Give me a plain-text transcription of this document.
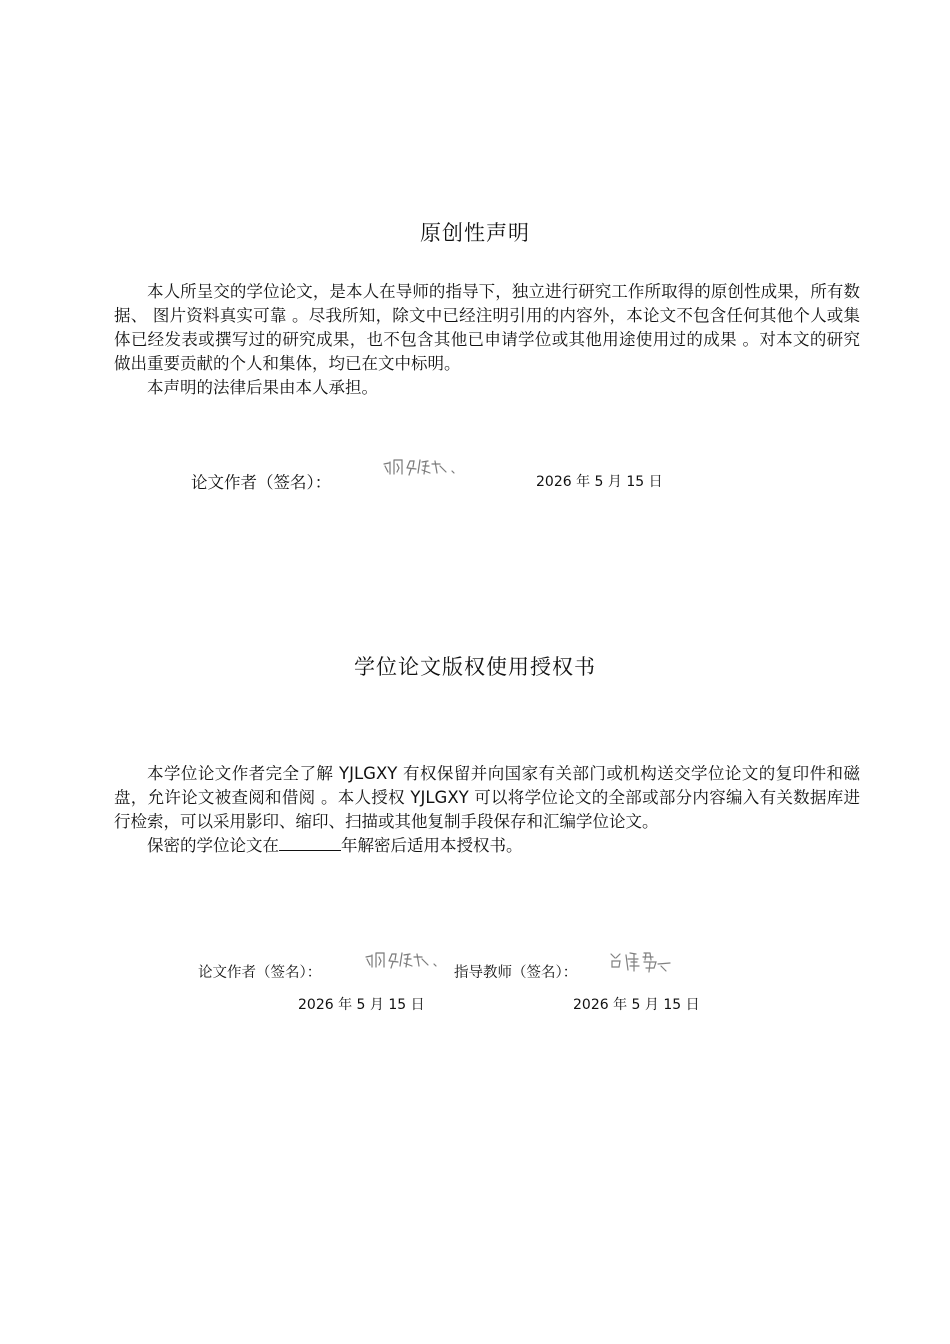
原创性声明

本人所呈交的学位论文，是本人在导师的指导下，独立进行研究工作所取得的原创性成果，所有数据、 图片资料真实可靠 。尽我所知，除文中已经注明引用的内容外，本论文不包含任何其他个人或集体已经发表或撰写过的研究成果，也不包含其他已申请学位或其他用途使用过的成果 。对本文的研究做出重要贡献的个人和集体，均已在文中标明。

本声明的法律后果由本人承担。

论文作者（签名）：	2026 年 5 月 15 日
学位论文版权使用授权书

本学位论文作者完全了解 YJLGXY 有权保留并向国家有关部门或机构送交学位论文的复印件和磁盘，允许论文被查阅和借阅 。本人授权 YJLGXY 可以将学位论文的全部或部分内容编入有关数据库进行检索，可以采用影印、缩印、扫描或其他复制手段保存和汇编学位论文。

保密的学位论文在	年解密后适用本授权书。

论文作者（签名）：	指导教师（签名）：
2026 年 5 月 15 日	2026 年 5 月 15 日
